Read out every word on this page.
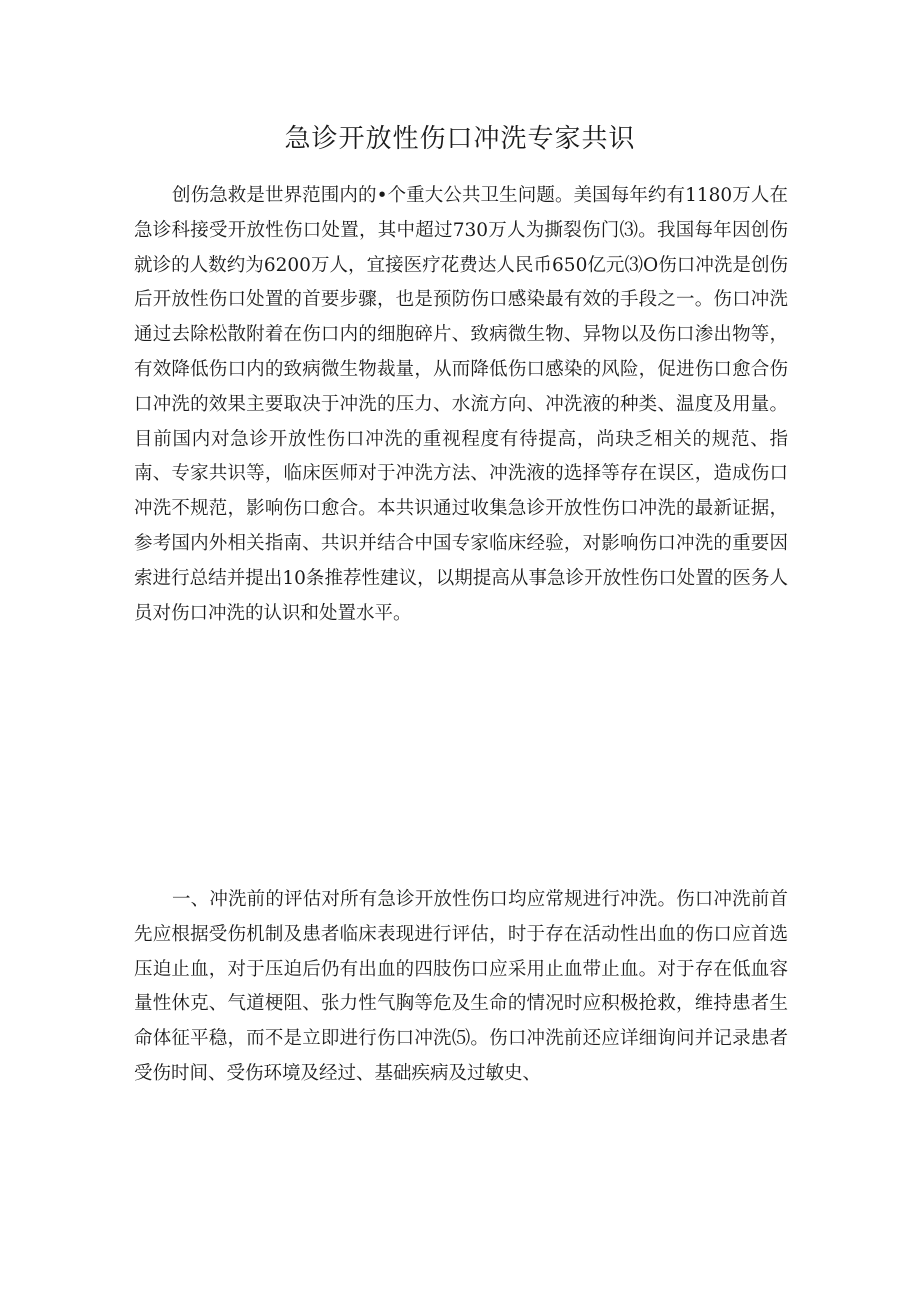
急诊开放性伤口冲洗专家共识

创伤急救是世界范围内的•个重大公共卫生问题。美国每年约有1180万人在急诊科接受开放性伤口处置，其中超过730万人为撕裂伤门⑶。我国每年因创伤就诊的人数约为6200万人，宜接医疗花费达人民币650亿元⑶O伤口冲洗是创伤后开放性伤口处置的首要步骤，也是预防伤口感染最有效的手段之一。伤口冲洗通过去除松散附着在伤口内的细胞碎片、致病微生物、异物以及伤口渗出物等，有效降低伤口内的致病微生物裁量，从而降低伤口感染的风险，促进伤口愈合伤口冲洗的效果主要取决于冲洗的压力、水流方向、冲洗液的种类、温度及用量。目前国内对急诊开放性伤口冲洗的重视程度有待提高，尚玦乏相关的规范、指南、专家共识等，临床医师对于冲洗方法、冲洗液的选择等存在误区，造成伤口冲洗不规范，影响伤口愈合。本共识通过收集急诊开放性伤口冲洗的最新证据，参考国内外相关指南、共识并结合中国专家临床经验，对影响伤口冲洗的重要因索进行总结并提出10条推荐性建议，以期提高从事急诊开放性伤口处置的医务人员对伤口冲洗的认识和处置水平。

一、冲洗前的评估对所有急诊开放性伤口均应常规进行冲洗。伤口冲洗前首先应根据受伤机制及患者临床表现进行评估，时于存在活动性出血的伤口应首选压迫止血，对于压迫后仍有出血的四肢伤口应采用止血带止血。对于存在低血容量性休克、气道梗阻、张力性气胸等危及生命的情况时应积极抢救，维持患者生命体征平稳，而不是立即进行伤口冲洗⑸。伤口冲洗前还应详细询问并记录患者受伤时间、受伤环境及经过、基础疾病及过敏史、
